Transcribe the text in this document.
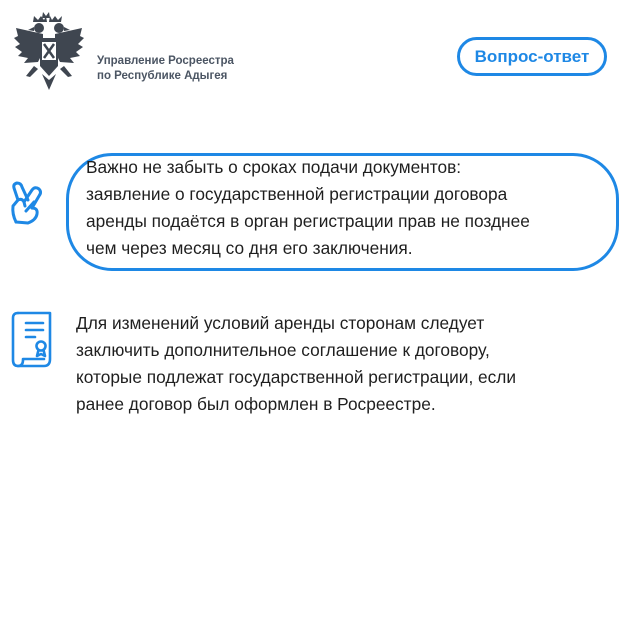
Управление Росреестра
по Республике Адыгея
Вопрос-ответ
Важно не забыть о сроках подачи документов:
заявление о государственной регистрации договора
аренды подаётся в орган регистрации прав не позднее
чем через месяц со дня его заключения.
Для изменений условий аренды сторонам следует
заключить дополнительное соглашение к договору,
которые подлежат государственной регистрации, если
ранее договор был оформлен в Росреестре.
